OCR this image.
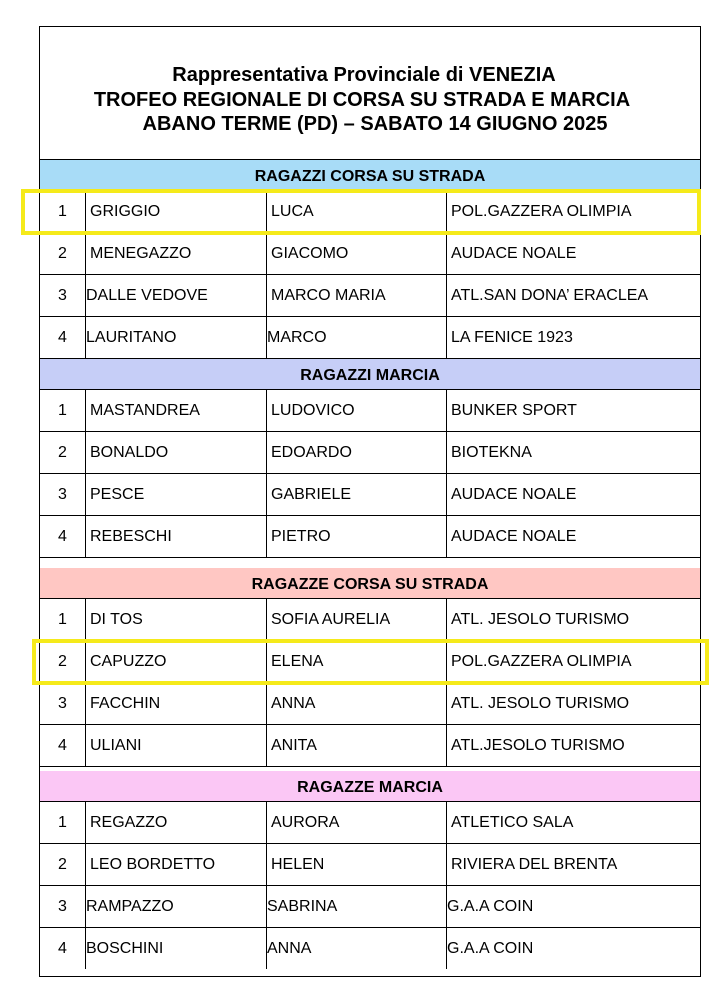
Rappresentativa Provinciale di VENEZIA
TROFEO REGIONALE DI CORSA SU STRADA E MARCIA
ABANO TERME (PD) – SABATO 14 GIUGNO 2025
RAGAZZI CORSA SU STRADA
1	GRIGGIO	LUCA	POL.GAZZERA OLIMPIA
2	MENEGAZZO	GIACOMO	AUDACE NOALE
3	DALLE VEDOVE	MARCO MARIA	ATL.SAN DONA’ ERACLEA
4	LAURITANO	MARCO	LA FENICE 1923
RAGAZZI MARCIA
1	MASTANDREA	LUDOVICO	BUNKER SPORT
2	BONALDO	EDOARDO	BIOTEKNA
3	PESCE	GABRIELE	AUDACE NOALE
4	REBESCHI	PIETRO	AUDACE NOALE
RAGAZZE CORSA SU STRADA
1	DI TOS	SOFIA AURELIA	ATL. JESOLO TURISMO
2	CAPUZZO	ELENA	POL.GAZZERA OLIMPIA
3	FACCHIN	ANNA	ATL. JESOLO TURISMO
4	ULIANI	ANITA	ATL.JESOLO TURISMO
RAGAZZE MARCIA
1	REGAZZO	AURORA	ATLETICO SALA
2	LEO BORDETTO	HELEN	RIVIERA DEL BRENTA
3	RAMPAZZO	SABRINA	G.A.A COIN
4	BOSCHINI	ANNA	G.A.A COIN
